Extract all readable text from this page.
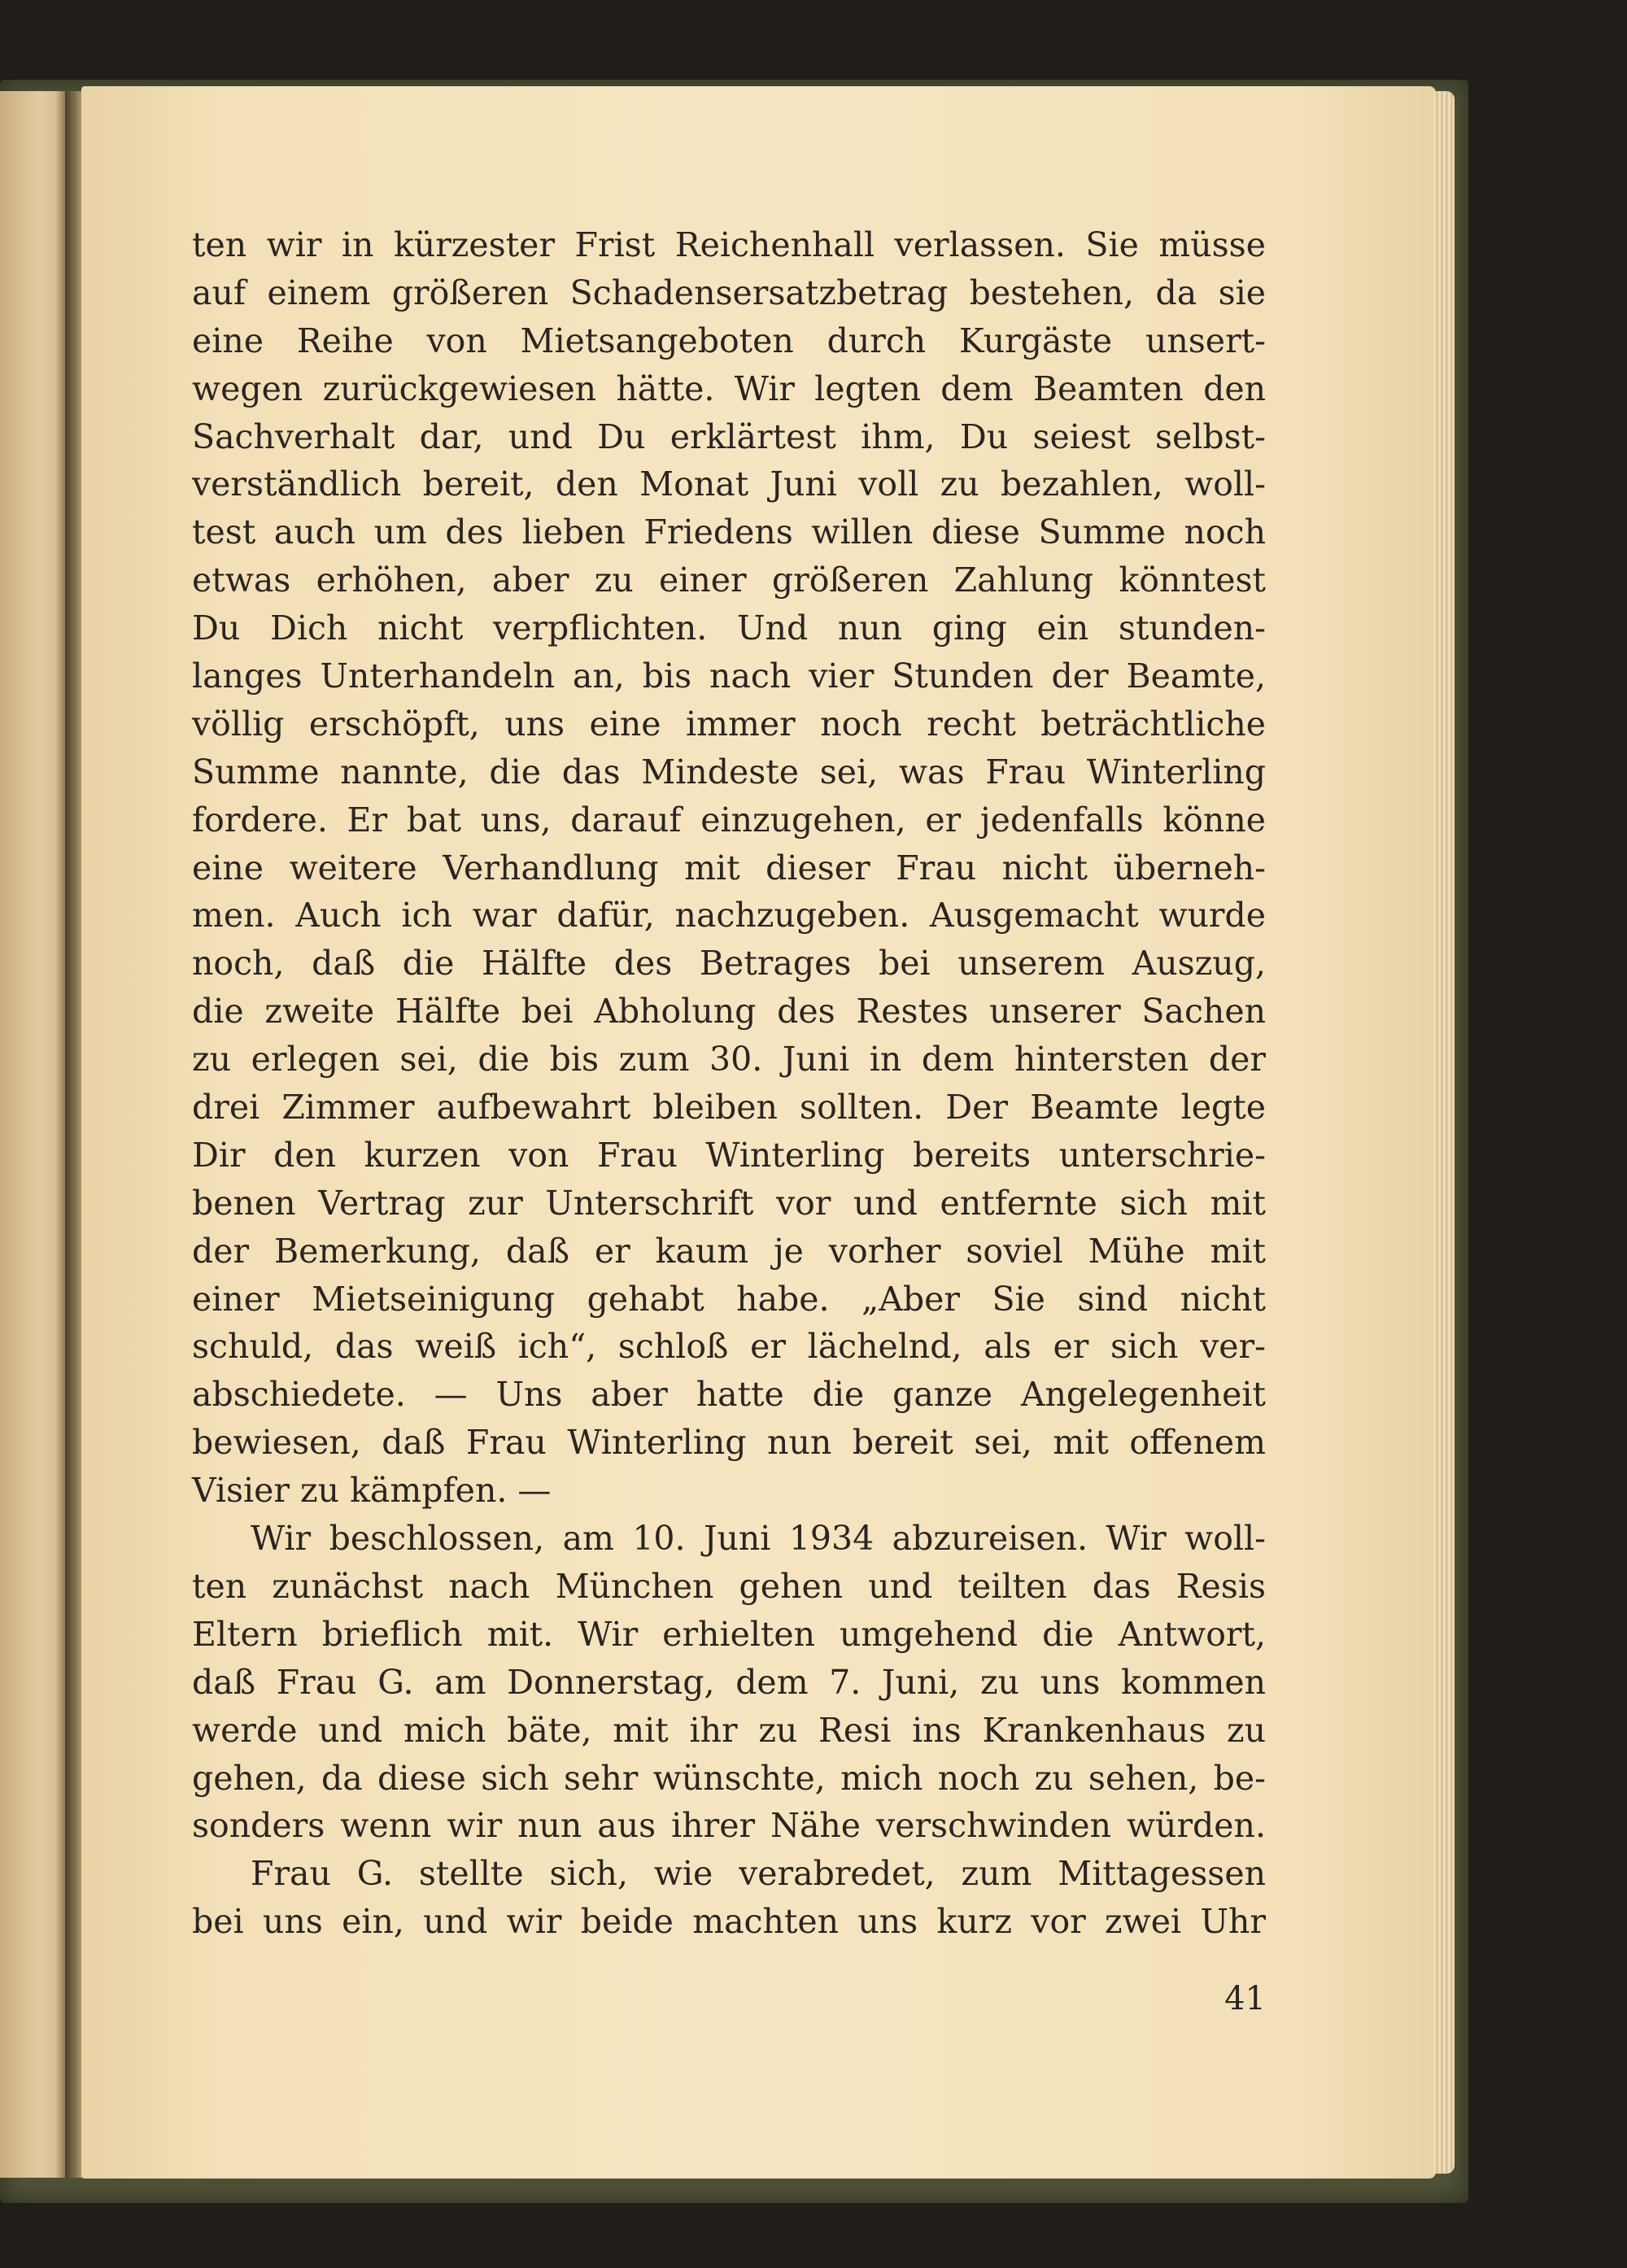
ten wir in kürzester Frist Reichenhall verlassen. Sie müsse
auf einem größeren Schadensersatzbetrag bestehen, da sie
eine Reihe von Mietsangeboten durch Kurgäste unsert-
wegen zurückgewiesen hätte. Wir legten dem Beamten den
Sachverhalt dar, und Du erklärtest ihm, Du seiest selbst-
verständlich bereit, den Monat Juni voll zu bezahlen, woll-
test auch um des lieben Friedens willen diese Summe noch
etwas erhöhen, aber zu einer größeren Zahlung könntest
Du Dich nicht verpflichten. Und nun ging ein stunden-
langes Unterhandeln an, bis nach vier Stunden der Beamte,
völlig erschöpft, uns eine immer noch recht beträchtliche
Summe nannte, die das Mindeste sei, was Frau Winterling
fordere. Er bat uns, darauf einzugehen, er jedenfalls könne
eine weitere Verhandlung mit dieser Frau nicht überneh-
men. Auch ich war dafür, nachzugeben. Ausgemacht wurde
noch, daß die Hälfte des Betrages bei unserem Auszug,
die zweite Hälfte bei Abholung des Restes unserer Sachen
zu erlegen sei, die bis zum 30. Juni in dem hintersten der
drei Zimmer aufbewahrt bleiben sollten. Der Beamte legte
Dir den kurzen von Frau Winterling bereits unterschrie-
benen Vertrag zur Unterschrift vor und entfernte sich mit
der Bemerkung, daß er kaum je vorher soviel Mühe mit
einer Mietseinigung gehabt habe. „Aber Sie sind nicht
schuld, das weiß ich“, schloß er lächelnd, als er sich ver-
abschiedete. — Uns aber hatte die ganze Angelegenheit
bewiesen, daß Frau Winterling nun bereit sei, mit offenem
Visier zu kämpfen. —
Wir beschlossen, am 10. Juni 1934 abzureisen. Wir woll-
ten zunächst nach München gehen und teilten das Resis
Eltern brieflich mit. Wir erhielten umgehend die Antwort,
daß Frau G. am Donnerstag, dem 7. Juni, zu uns kommen
werde und mich bäte, mit ihr zu Resi ins Krankenhaus zu
gehen, da diese sich sehr wünschte, mich noch zu sehen, be-
sonders wenn wir nun aus ihrer Nähe verschwinden würden.
Frau G. stellte sich, wie verabredet, zum Mittagessen
bei uns ein, und wir beide machten uns kurz vor zwei Uhr
41
